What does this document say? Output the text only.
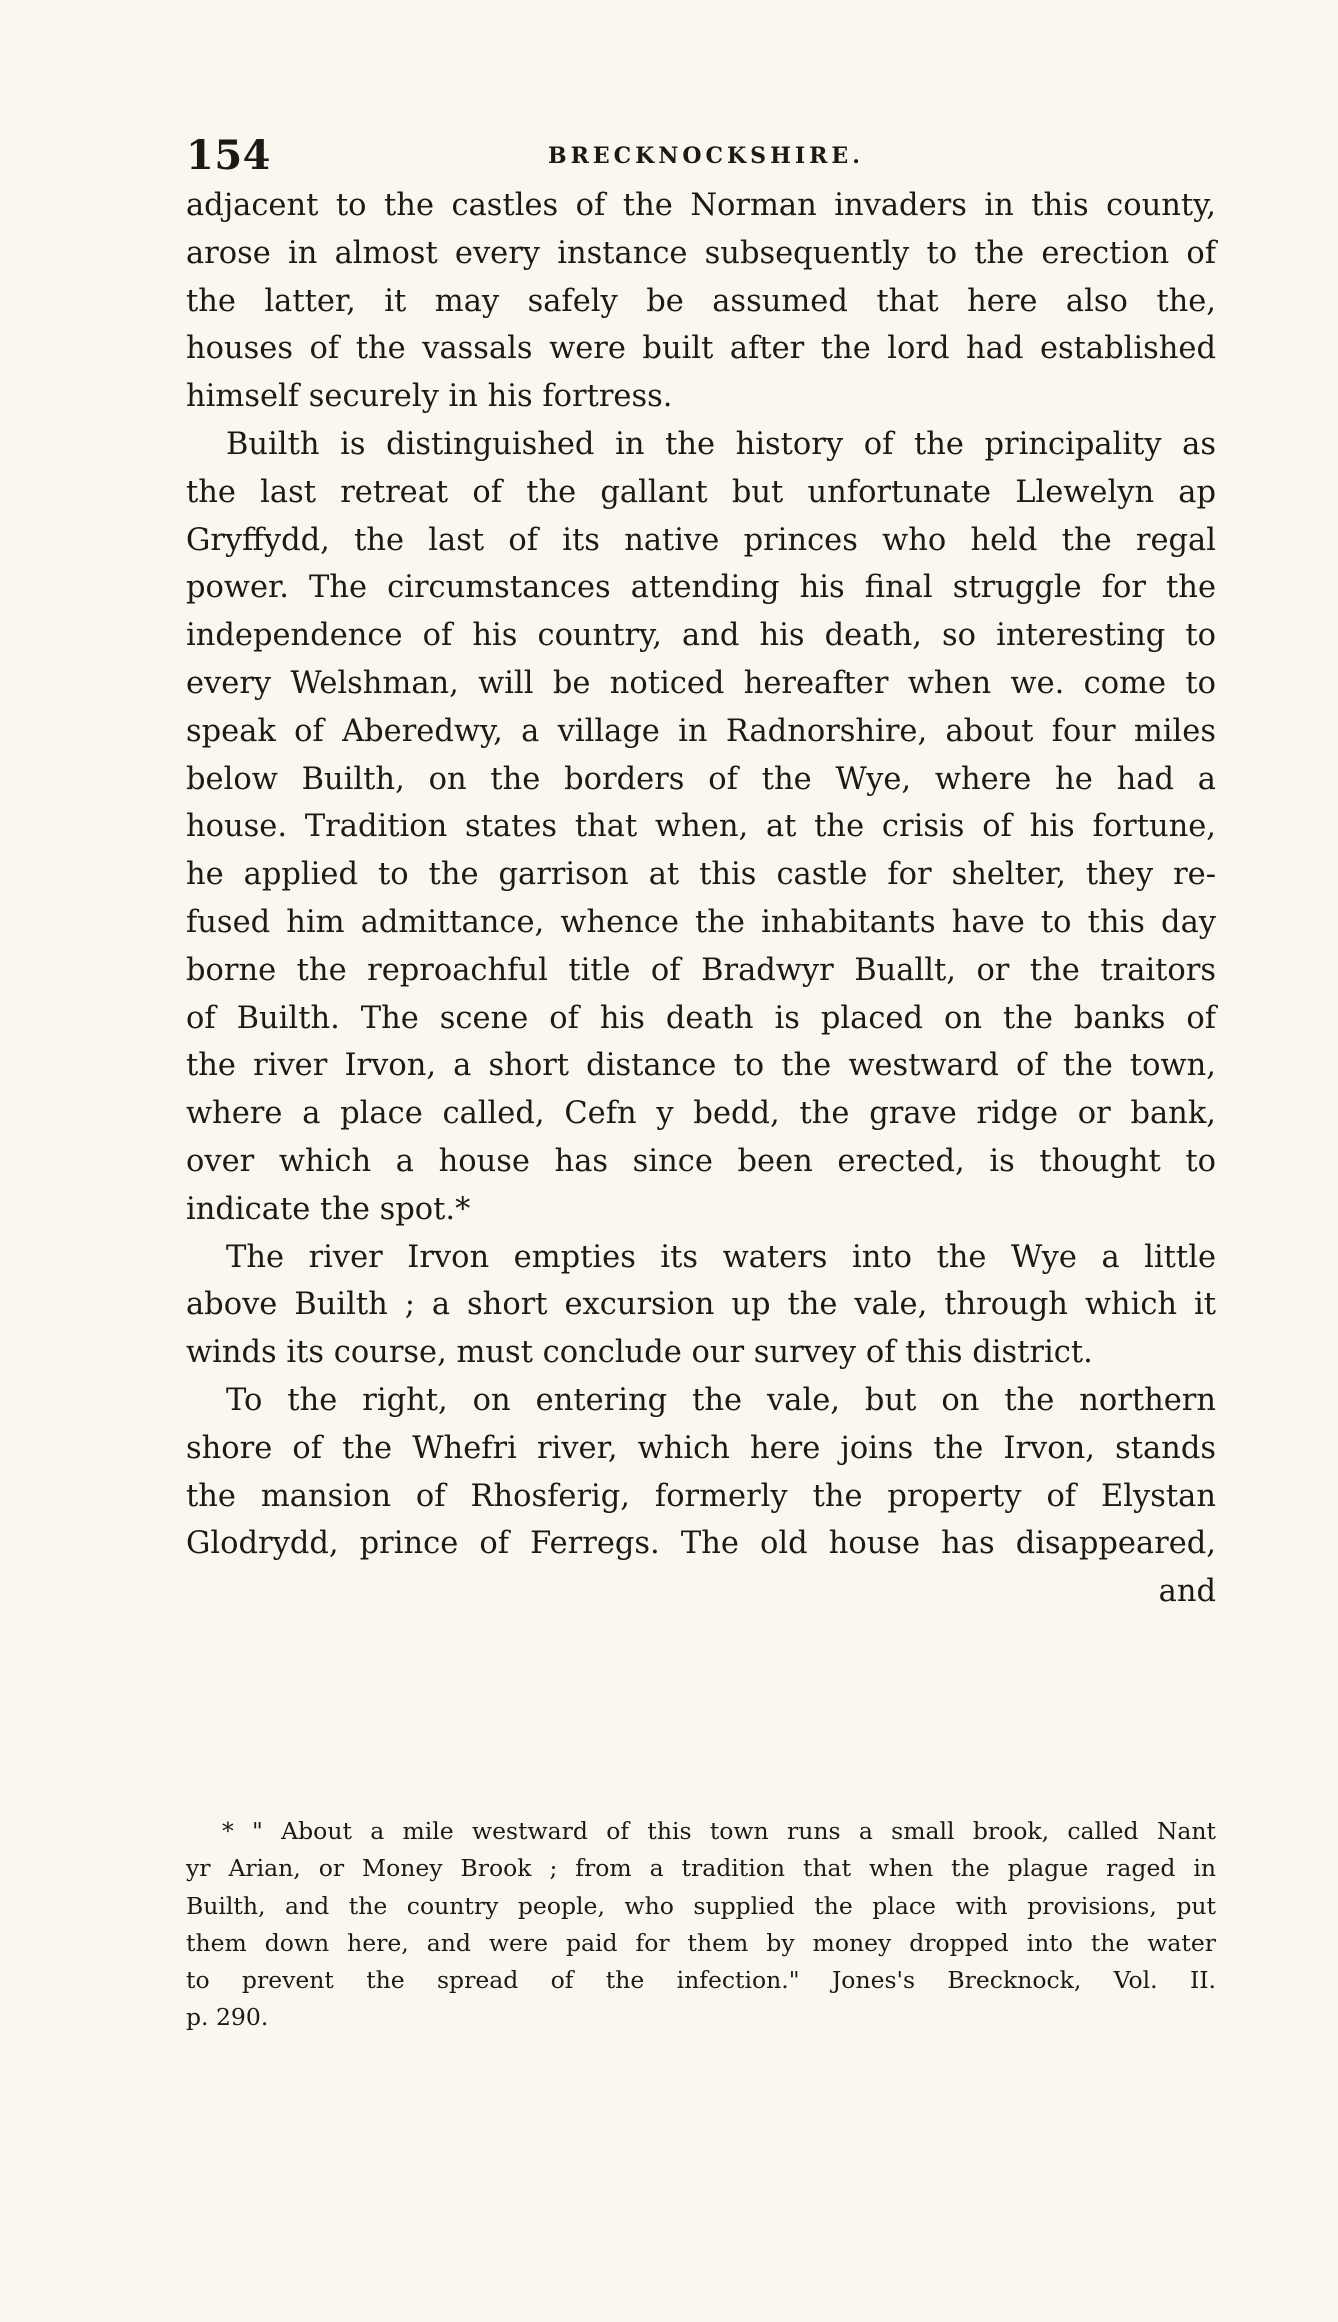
154	BRECKNOCKSHIRE.
adjacent to the castles of the Norman invaders in this county,
arose in almost every instance subsequently to the erection of
the latter, it may safely be assumed that here also the,
houses of the vassals were built after the lord had established
himself securely in his fortress.
Builth is distinguished in the history of the principality as
the last retreat of the gallant but unfortunate Llewelyn ap
Gryffydd, the last of its native princes who held the regal
power. The circumstances attending his final struggle for the
independence of his country, and his death, so interesting to
every Welshman, will be noticed hereafter when we. come to
speak of Aberedwy, a village in Radnorshire, about four miles
below Builth, on the borders of the Wye, where he had a
house. Tradition states that when, at the crisis of his fortune,
he applied to the garrison at this castle for shelter, they re-
fused him admittance, whence the inhabitants have to this day
borne the reproachful title of Bradwyr Buallt, or the traitors
of Builth. The scene of his death is placed on the banks of
the river Irvon, a short distance to the westward of the town,
where a place called, Cefn y bedd, the grave ridge or bank,
over which a house has since been erected, is thought to
indicate the spot.*
The river Irvon empties its waters into the Wye a little
above Builth ; a short excursion up the vale, through which it
winds its course, must conclude our survey of this district.
To the right, on entering the vale, but on the northern
shore of the Whefri river, which here joins the Irvon, stands
the mansion of Rhosferig, formerly the property of Elystan
Glodrydd, prince of Ferregs. The old house has disappeared,
and
* " About a mile westward of this town runs a small brook, called Nant
yr Arian, or Money Brook ; from a tradition that when the plague raged in
Builth, and the country people, who supplied the place with provisions, put
them down here, and were paid for them by money dropped into the water
to prevent the spread of the infection." Jones's Brecknock, Vol. II.
p. 290.
